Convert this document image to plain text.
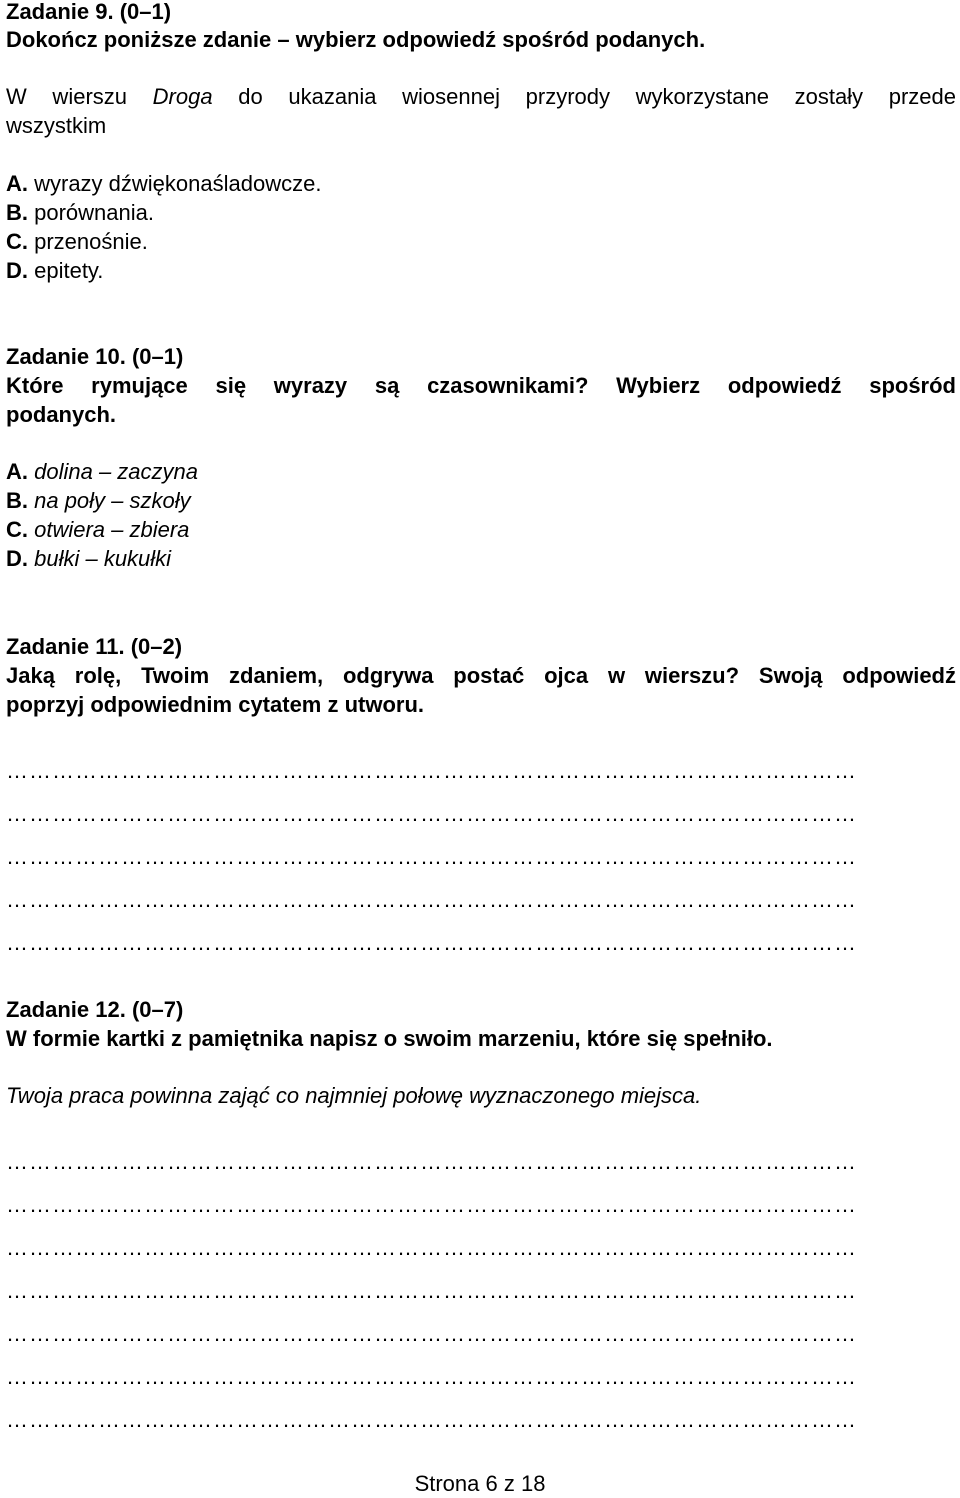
Zadanie 9. (0–1)
Dokończ poniższe zdanie – wybierz odpowiedź spośród podanych.
W wierszu Droga do ukazania wiosennej przyrody wykorzystane zostały przede
wszystkim
A. wyrazy dźwiękonaśladowcze.
B. porównania.
C. przenośnie.
D. epitety.
Zadanie 10. (0–1)
Które rymujące się wyrazy są czasownikami? Wybierz odpowiedź spośród
podanych.
A. dolina – zaczyna
B. na poły – szkoły
C. otwiera – zbiera
D. bułki – kukułki
Zadanie 11. (0–2)
Jaką rolę, Twoim zdaniem, odgrywa postać ojca w wierszu? Swoją odpowiedź
poprzyj odpowiednim cytatem z utworu.
…………………………………………………………………………………………………
…………………………………………………………………………………………………
…………………………………………………………………………………………………
…………………………………………………………………………………………………
…………………………………………………………………………………………………
Zadanie 12. (0–7)
W formie kartki z pamiętnika napisz o swoim marzeniu, które się spełniło.
Twoja praca powinna zająć co najmniej połowę wyznaczonego miejsca.
…………………………………………………………………………………………………
…………………………………………………………………………………………………
…………………………………………………………………………………………………
…………………………………………………………………………………………………
…………………………………………………………………………………………………
…………………………………………………………………………………………………
…………………………………………………………………………………………………
Strona 6 z 18
